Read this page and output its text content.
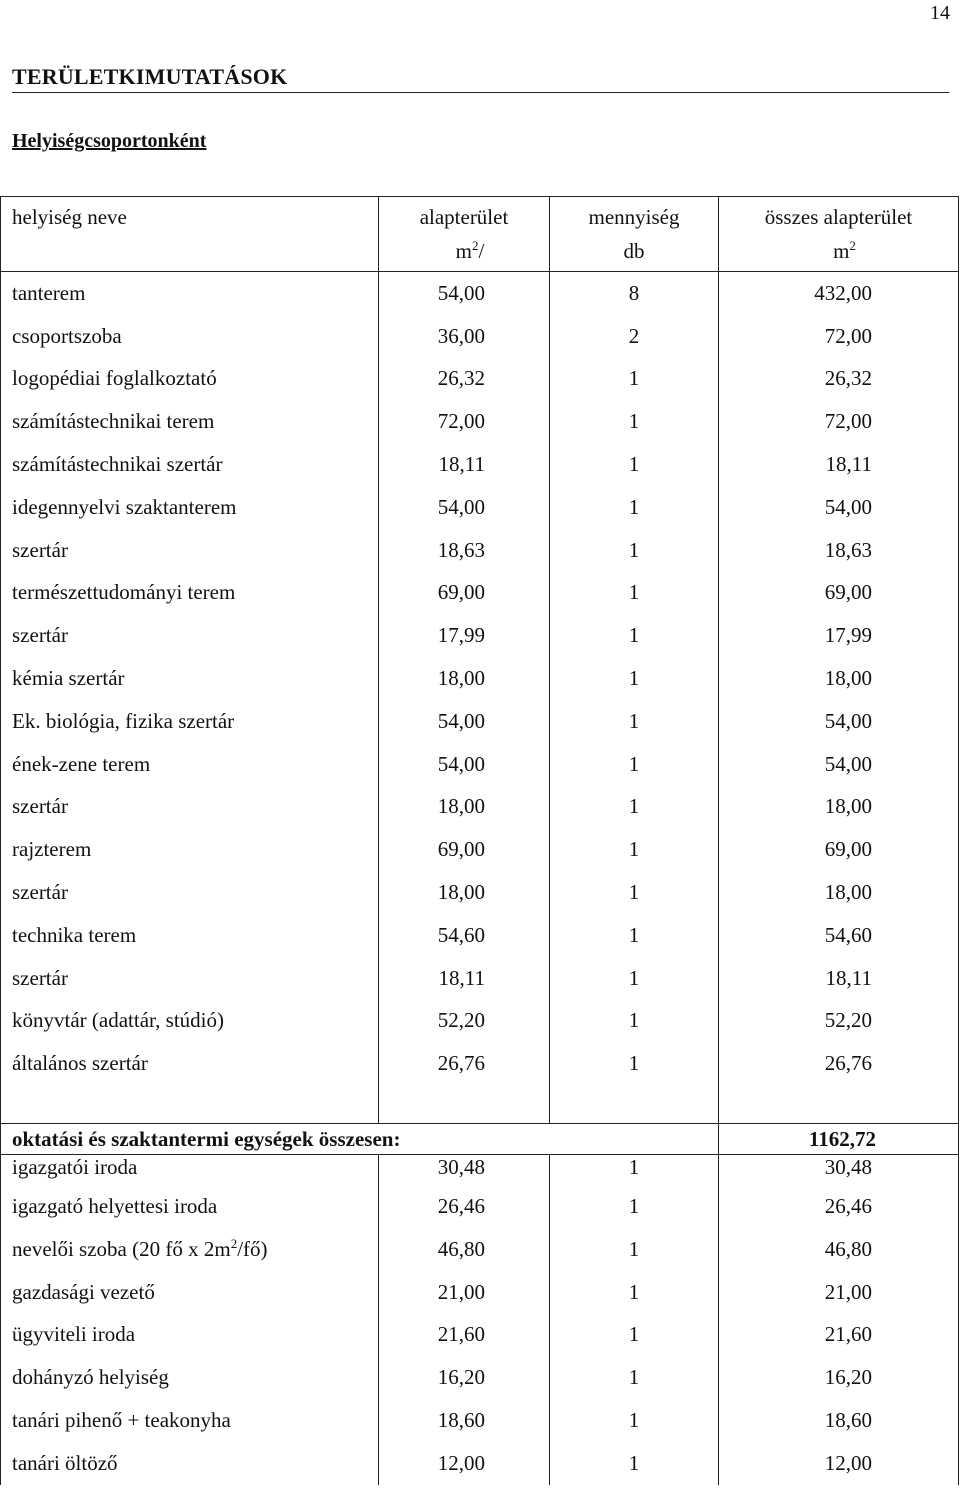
14
TERÜLETKIMUTATÁSOK
Helyiségcsoportonként
helyiség neve	alapterület	mennyiség	összes alapterület
	$m^2/$	db	$m^2$
tanterem	54,00	8	432,00
csoportszoba	36,00	2	72,00
logopédiai foglalkoztató	26,32	1	26,32
számítástechnikai terem	72,00	1	72,00
számítástechnikai szertár	18,11	1	18,11
idegennyelvi szaktanterem	54,00	1	54,00
szertár	18,63	1	18,63
természettudományi terem	69,00	1	69,00
szertár	17,99	1	17,99
kémia szertár	18,00	1	18,00
Ek. biológia, fizika szertár	54,00	1	54,00
ének-zene terem	54,00	1	54,00
szertár	18,00	1	18,00
rajzterem	69,00	1	69,00
szertár	18,00	1	18,00
technika terem	54,60	1	54,60
szertár	18,11	1	18,11
könyvtár (adattár, stúdió)	52,20	1	52,20
általános szertár	26,76	1	26,76

oktatási és szaktantermi egységek összesen:			1162,72
igazgatói iroda	30,48	1	30,48
igazgató helyettesi iroda	26,46	1	26,46
nevelői szoba (20 fő x $2m^2/fő$)	46,80	1	46,80
gazdasági vezető	21,00	1	21,00
ügyviteli iroda	21,60	1	21,60
dohányzó helyiség	16,20	1	16,20
tanári pihenő + teakonyha	18,60	1	18,60
tanári öltöző	12,00	1	12,00
